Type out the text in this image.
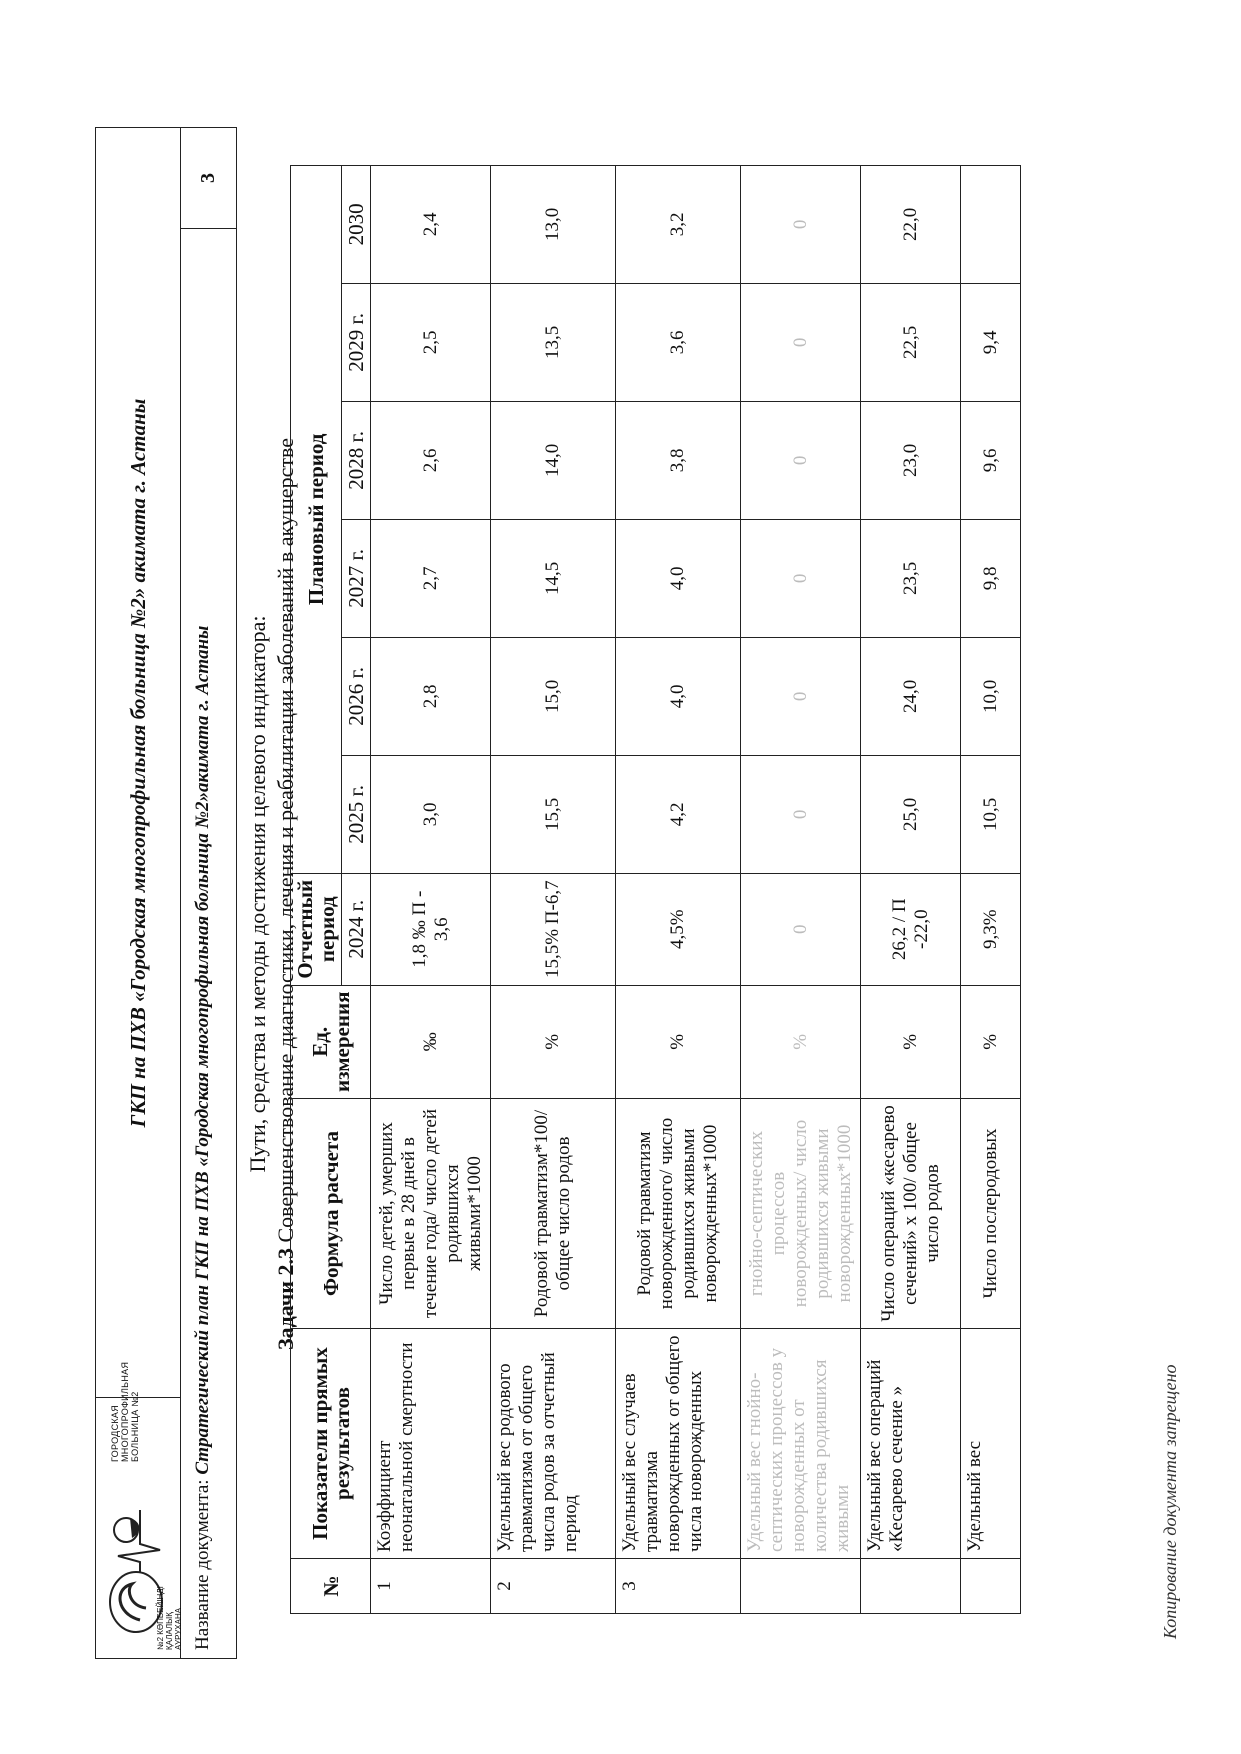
№2 КӨПБЕЙІНДІ ҚАЛАЛЫҚ АУРУХАНА
ГОРОДСКАЯ МНОГОПРОФИЛЬНАЯ БОЛЬНИЦА №2
ГКП на ПХВ «Городская многопрофильная больница №2» акимата г. Астаны
Название документа: Стратегический план ГКП на ПХВ «Городская многопрофильная больница №2»акимата г. Астаны
3
Пути, средства и методы достижения целевого индикатора:
Задачи 2.3 Совершенствование диагностики, лечения и реабилитации заболеваний в акушерстве
№	Показатели прямых результатов	Формула расчета	Ед. измерения	Отчетный период	Плановый период					
				2024 г.	2025 г.	2026 г.	2027 г.	2028 г.	2029 г.	2030
1	Коэффициент неонатальной смертности	Число детей, умерших первые в 28 дней в течение года/ число детей родившихся живыми*1000	‰	1,8 ‰ П - 3,6	3,0	2,8	2,7	2,6	2,5	2,4
2	Удельный вес родового травматизма от общего числа родов за отчетный период	Родовой травматизм*100/общее число родов	%	15,5% П-6,7	15,5	15,0	14,5	14,0	13,5	13,0
3	Удельный вес случаев травматизма новорожденных от общего числа новорожденных	Родовой травматизм новорожденного/ число родившихся живыми новорожденных*1000	%	4,5%	4,2	4,0	4,0	3,8	3,6	3,2
	Удельный вес гнойно-септических процессов у новорожденных от количества родившихся живыми	гнойно-септических процессов новорожденных/ число родившихся живыми новорожденных*1000	%	0	0	0	0	0	0	0
	Удельный вес операций «Кесарево сечение »	Число операций «кесарево сечений» х 100/ общее число родов	%	26,2 / П -22,0	25,0	24,0	23,5	23,0	22,5	22,0
	Удельный вес	Число послеродовых	%	9,3%	10,5	10,0	9,8	9,6	9,4	
Копирование документа запрещено
